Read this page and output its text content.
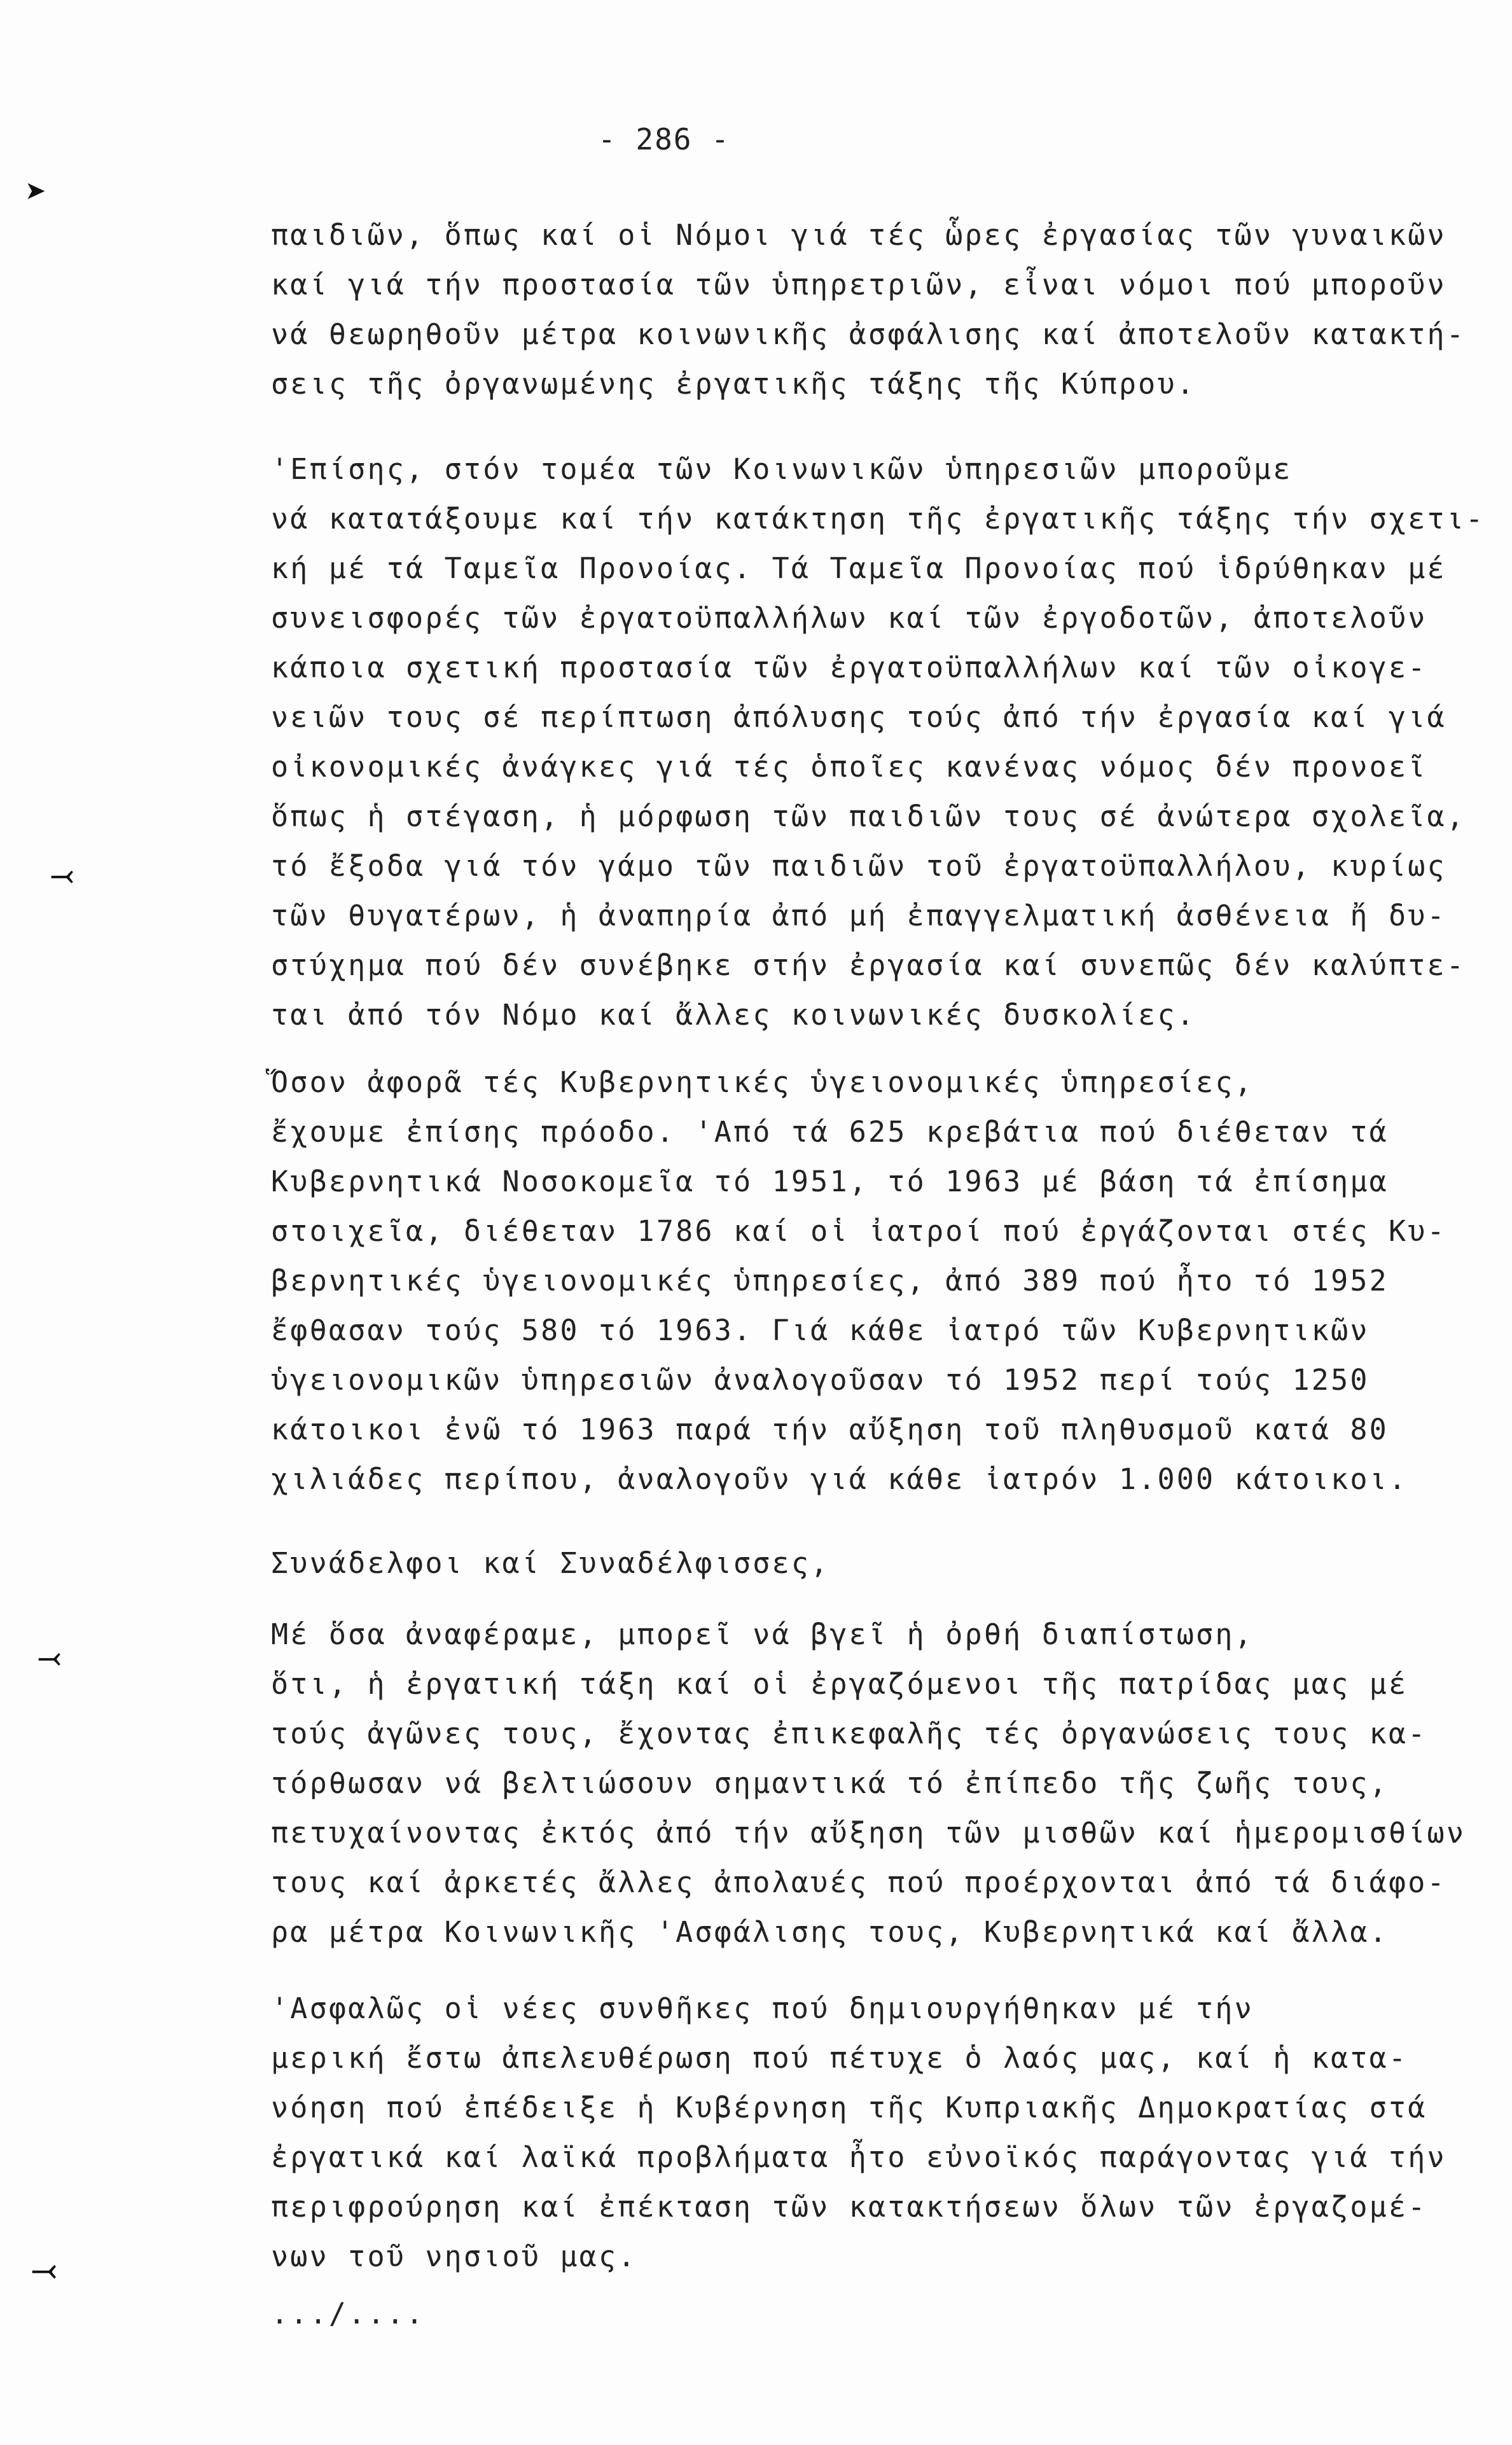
- 286 -
➤
⤙
⤙
⤙
παιδιῶν, ὅπως καί οἱ Νόμοι γιά τές ὧρες ἐργασίας τῶν γυναικῶν
καί γιά τήν προστασία τῶν ὑπηρετριῶν, εἶναι νόμοι πού μποροῦν
νά θεωρηθοῦν μέτρα κοινωνικῆς ἀσφάλισης καί ἀποτελοῦν κατακτή-
σεις τῆς ὀργανωμένης ἐργατικῆς τάξης τῆς Κύπρου.
'Επίσης, στόν τομέα τῶν Κοινωνικῶν ὑπηρεσιῶν μποροῦμε
νά κατατάξουμε καί τήν κατάκτηση τῆς ἐργατικῆς τάξης τήν σχετι-
κή μέ τά Ταμεῖα Προνοίας. Τά Ταμεῖα Προνοίας πού ἱδρύθηκαν μέ
συνεισφορές τῶν ἐργατοϋπαλλήλων καί τῶν ἐργοδοτῶν, ἀποτελοῦν
κάποια σχετική προστασία τῶν ἐργατοϋπαλλήλων καί τῶν οἰκογε-
νειῶν τους σέ περίπτωση ἀπόλυσης τούς ἀπό τήν ἐργασία καί γιά
οἰκονομικές ἀνάγκες γιά τές ὁποῖες κανένας νόμος δέν προνοεῖ
ὅπως ἡ στέγαση, ἡ μόρφωση τῶν παιδιῶν τους σέ ἀνώτερα σχολεῖα,
τό ἔξοδα γιά τόν γάμο τῶν παιδιῶν τοῦ ἐργατοϋπαλλήλου, κυρίως
τῶν θυγατέρων, ἡ ἀναπηρία ἀπό μή ἐπαγγελματική ἀσθένεια ἤ δυ-
στύχημα πού δέν συνέβηκε στήν ἐργασία καί συνεπῶς δέν καλύπτε-
ται ἀπό τόν Νόμο καί ἄλλες κοινωνικές δυσκολίες.
Ὅσον ἀφορᾶ τές Κυβερνητικές ὑγειονομικές ὑπηρεσίες,
ἔχουμε ἐπίσης πρόοδο. 'Από τά 625 κρεβάτια πού διέθεταν τά
Κυβερνητικά Νοσοκομεῖα τό 1951, τό 1963 μέ βάση τά ἐπίσημα
στοιχεῖα, διέθεταν 1786 καί οἱ ἰατροί πού ἐργάζονται στές Κυ-
βερνητικές ὑγειονομικές ὑπηρεσίες, ἀπό 389 πού ἦτο τό 1952
ἔφθασαν τούς 580 τό 1963. Γιά κάθε ἰατρό τῶν Κυβερνητικῶν
ὑγειονομικῶν ὑπηρεσιῶν ἀναλογοῦσαν τό 1952 περί τούς 1250
κάτοικοι ἐνῶ τό 1963 παρά τήν αὔξηση τοῦ πληθυσμοῦ κατά 80
χιλιάδες περίπου, ἀναλογοῦν γιά κάθε ἰατρόν 1.000 κάτοικοι.
Συνάδελφοι καί Συναδέλφισσες,
Μέ ὅσα ἀναφέραμε, μπορεῖ νά βγεῖ ἡ ὀρθή διαπίστωση,
ὅτι, ἡ ἐργατική τάξη καί οἱ ἐργαζόμενοι τῆς πατρίδας μας μέ
τούς ἀγῶνες τους, ἔχοντας ἐπικεφαλῆς τές ὀργανώσεις τους κα-
τόρθωσαν νά βελτιώσουν σημαντικά τό ἐπίπεδο τῆς ζωῆς τους,
πετυχαίνοντας ἐκτός ἀπό τήν αὔξηση τῶν μισθῶν καί ἡμερομισθίων
τους καί ἀρκετές ἄλλες ἀπολαυές πού προέρχονται ἀπό τά διάφο-
ρα μέτρα Κοινωνικῆς 'Ασφάλισης τους, Κυβερνητικά καί ἄλλα.
'Ασφαλῶς οἱ νέες συνθῆκες πού δημιουργήθηκαν μέ τήν
μερική ἔστω ἀπελευθέρωση πού πέτυχε ὁ λαός μας, καί ἡ κατα-
νόηση πού ἐπέδειξε ἡ Κυβέρνηση τῆς Κυπριακῆς Δημοκρατίας στά
ἐργατικά καί λαϊκά προβλήματα ἦτο εὐνοϊκός παράγοντας γιά τήν
περιφρούρηση καί ἐπέκταση τῶν κατακτήσεων ὅλων τῶν ἐργαζομέ-
νων τοῦ νησιοῦ μας.
.../....
